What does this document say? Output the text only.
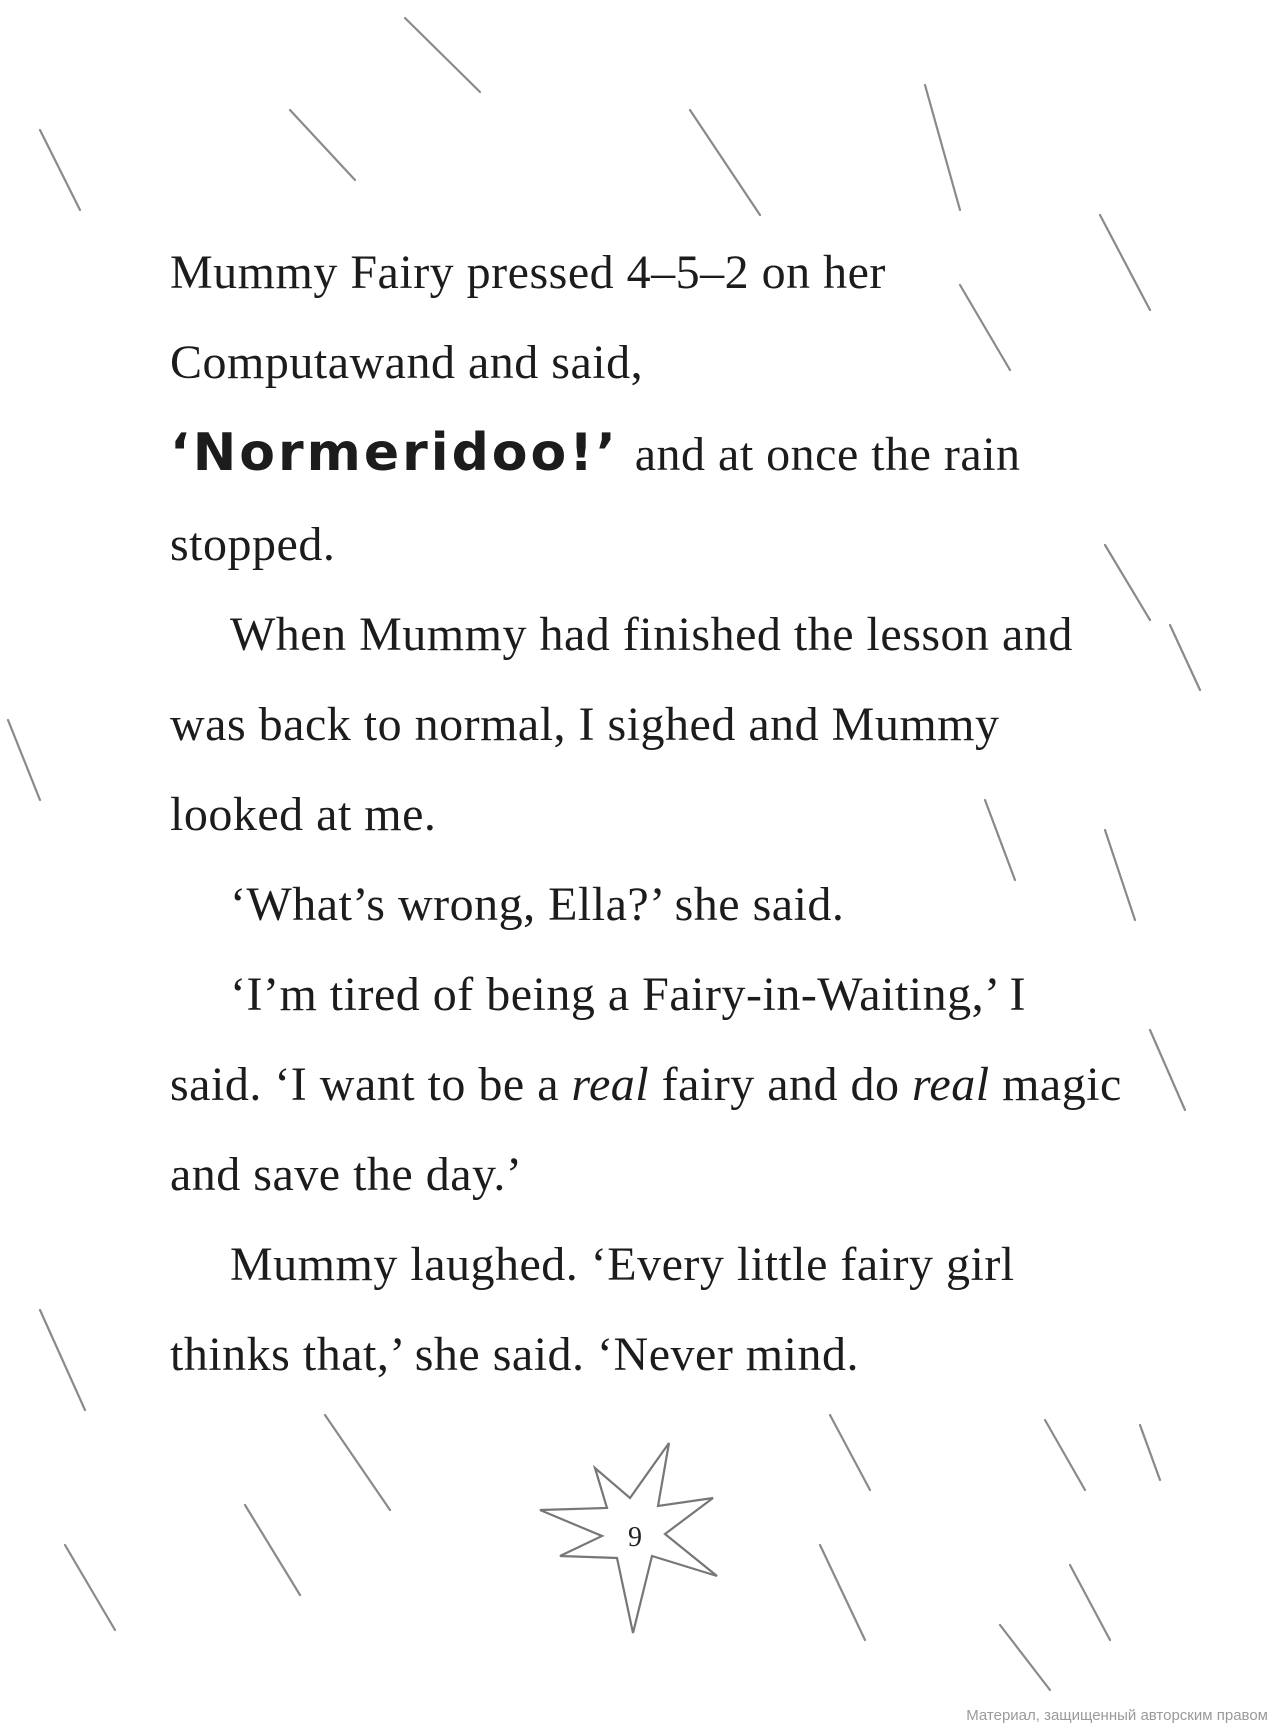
Mummy Fairy pressed 4–5–2 on her Computawand and said,
‘Normeridoo!’ and at once the rain stopped.

When Mummy had finished the lesson and was back to normal, I sighed and Mummy looked at me.

‘What’s wrong, Ella?’ she said.

‘I’m tired of being a Fairy-in-Waiting,’ I said. ‘I want to be a real fairy and do real magic and save the day.’

Mummy laughed. ‘Every little fairy girl thinks that,’ she said. ‘Never mind.

9
Материал, защищенный авторским правом
